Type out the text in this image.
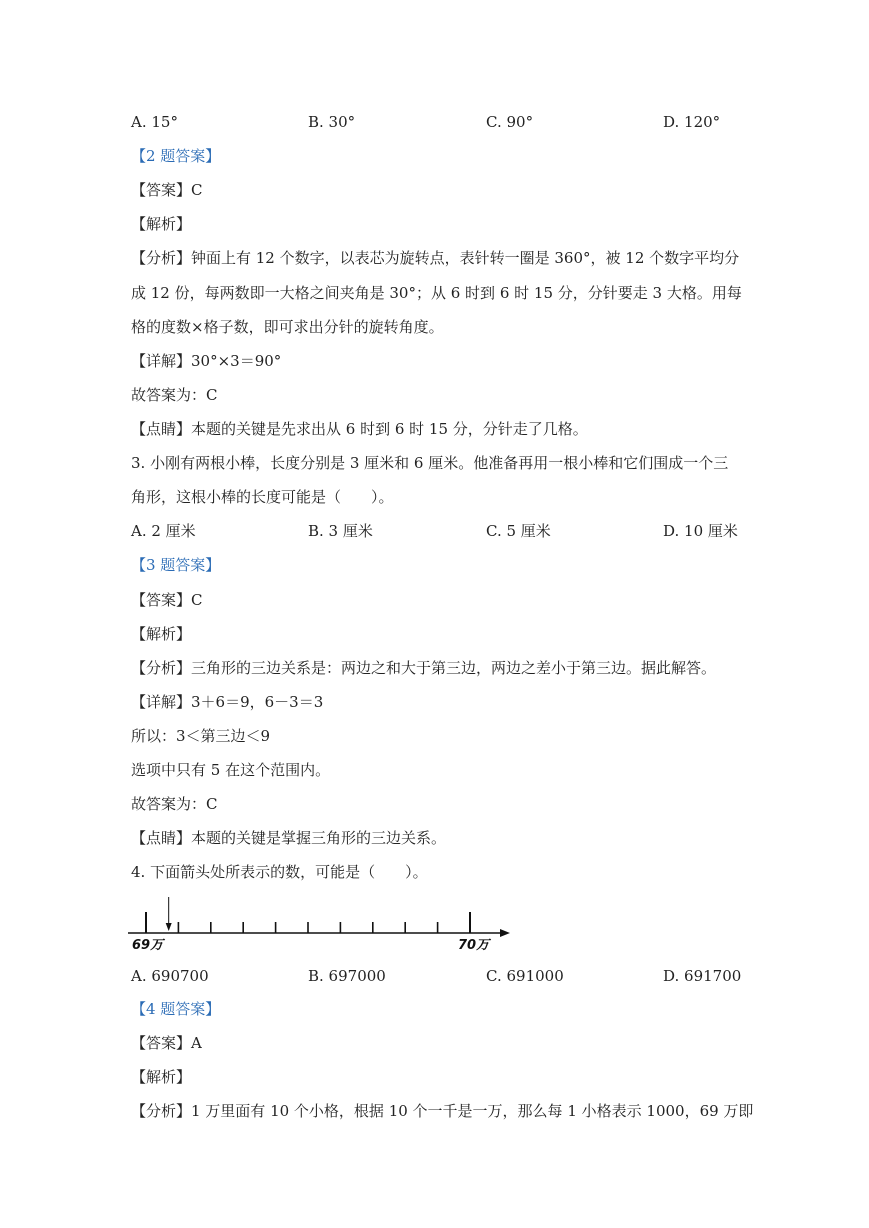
A. 15°	B. 30°	C. 90°	D. 120°
【2 题答案】
【答案】C
【解析】
【分析】钟面上有 12 个数字，以表芯为旋转点，表针转一圈是 360°，被 12 个数字平均分
成 12 份，每两数即一大格之间夹角是 30°；从 6 时到 6 时 15 分，分针要走 3 大格。用每
格的度数×格子数，即可求出分针的旋转角度。
【详解】30°×3＝90°
故答案为：C
【点睛】本题的关键是先求出从 6 时到 6 时 15 分，分针走了几格。
3. 小刚有两根小棒，长度分别是 3 厘米和 6 厘米。他准备再用一根小棒和它们围成一个三
角形，这根小棒的长度可能是（　　）。
A. 2 厘米	B. 3 厘米	C. 5 厘米	D. 10 厘米
【3 题答案】
【答案】C
【解析】
【分析】三角形的三边关系是：两边之和大于第三边，两边之差小于第三边。据此解答。
【详解】3＋6＝9，6－3＝3
所以：3＜第三边＜9
选项中只有 5 在这个范围内。
故答案为：C
【点睛】本题的关键是掌握三角形的三边关系。
4. 下面箭头处所表示的数，可能是（　　）。
69万	70万
A. 690700	B. 697000	C. 691000	D. 691700
【4 题答案】
【答案】A
【解析】
【分析】1 万里面有 10 个小格，根据 10 个一千是一万，那么每 1 小格表示 1000，69 万即
